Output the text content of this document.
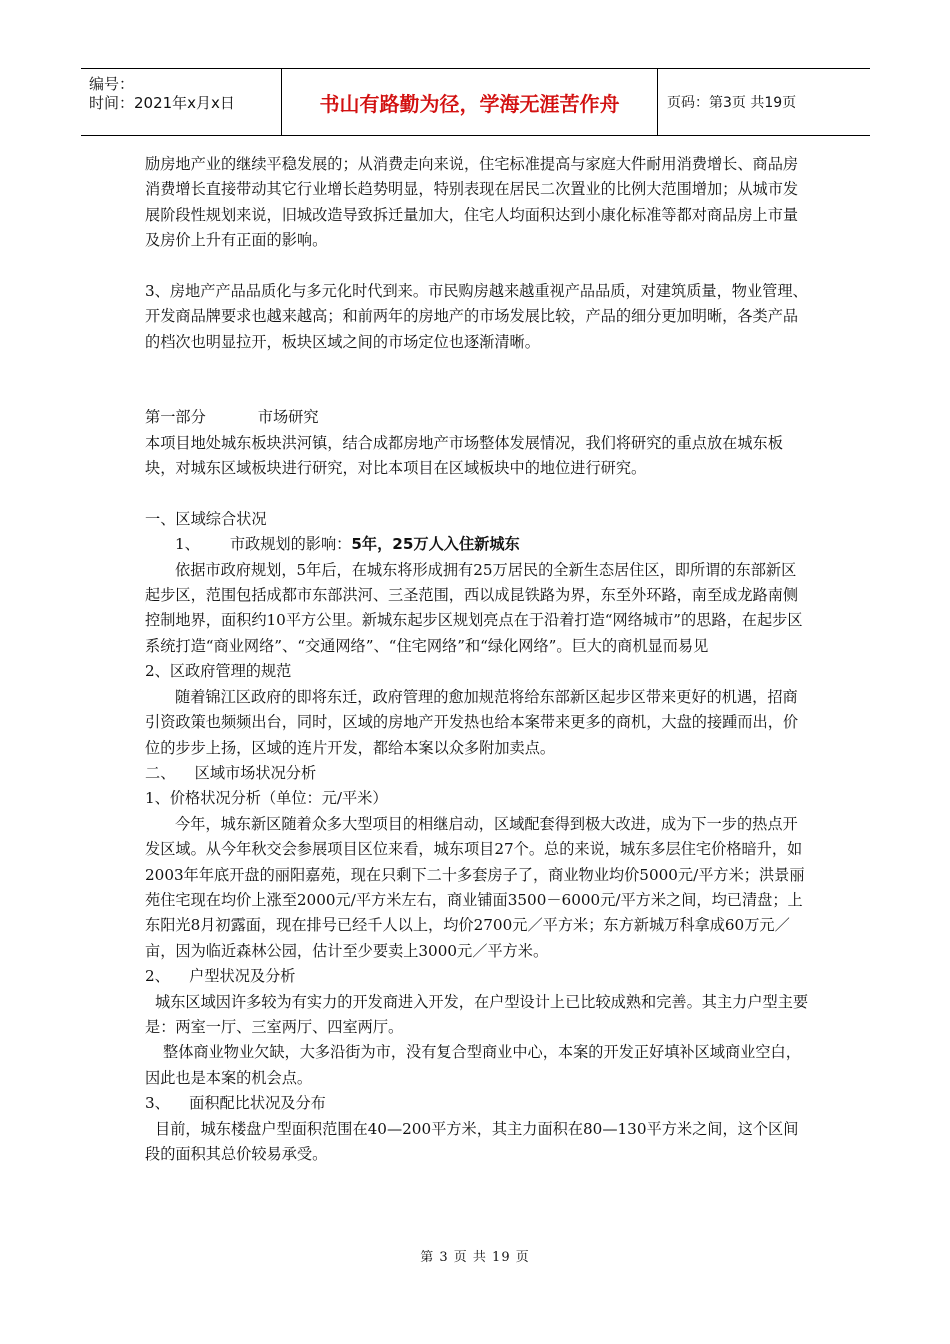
编号：
时间：2021年x月x日	书山有路勤为径，学海无涯苦作舟	页码：第3页 共19页

励房地产业的继续平稳发展的；从消费走向来说，住宅标准提高与家庭大件耐用消费增长、商品房消费增长直接带动其它行业增长趋势明显，特别表现在居民二次置业的比例大范围增加；从城市发展阶段性规划来说，旧城改造导致拆迁量加大，住宅人均面积达到小康化标准等都对商品房上市量及房价上升有正面的影响。

3、房地产产品品质化与多元化时代到来。市民购房越来越重视产品品质，对建筑质量，物业管理、开发商品牌要求也越来越高；和前两年的房地产的市场发展比较，产品的细分更加明晰，各类产品的档次也明显拉开，板块区域之间的市场定位也逐渐清晰。

第一部分	市场研究

本项目地处城东板块洪河镇，结合成都房地产市场整体发展情况，我们将研究的重点放在城东板块，对城东区域板块进行研究，对比本项目在区域板块中的地位进行研究。

一、区域综合状况

1、 市政规划的影响：5年，25万人入住新城东

依据市政府规划，5年后，在城东将形成拥有25万居民的全新生态居住区，即所谓的东部新区起步区，范围包括成都市东部洪河、三圣范围，西以成昆铁路为界，东至外环路，南至成龙路南侧控制地界，面积约10平方公里。新城东起步区规划亮点在于沿着打造“网络城市”的思路，在起步区系统打造“商业网络”、“交通网络”、“住宅网络”和“绿化网络”。巨大的商机显而易见

2、区政府管理的规范

随着锦江区政府的即将东迁，政府管理的愈加规范将给东部新区起步区带来更好的机遇，招商引资政策也频频出台，同时，区域的房地产开发热也给本案带来更多的商机，大盘的接踵而出，价位的步步上扬，区域的连片开发，都给本案以众多附加卖点。

二、    区域市场状况分析

1、价格状况分析（单位：元/平米）

今年，城东新区随着众多大型项目的相继启动，区域配套得到极大改进，成为下一步的热点开发区域。从今年秋交会参展项目区位来看，城东项目27个。总的来说，城东多层住宅价格暗升，如2003年年底开盘的丽阳嘉苑，现在只剩下二十多套房子了，商业物业均价5000元/平方米；洪景丽苑住宅现在均价上涨至2000元/平方米左右，商业铺面3500－6000元/平方米之间，均已清盘；上东阳光8月初露面，现在排号已经千人以上，均价2700元／平方米；东方新城万科拿成60万元／亩，因为临近森林公园，估计至少要卖上3000元／平方米。

2、    户型状况及分析

城东区域因许多较为有实力的开发商进入开发，在户型设计上已比较成熟和完善。其主力户型主要是：两室一厅、三室两厅、四室两厅。

整体商业物业欠缺，大多沿街为市，没有复合型商业中心，本案的开发正好填补区域商业空白，因此也是本案的机会点。

3、    面积配比状况及分布

目前，城东楼盘户型面积范围在40—200平方米，其主力面积在80—130平方米之间，这个区间段的面积其总价较易承受。

第 3 页 共 19 页
